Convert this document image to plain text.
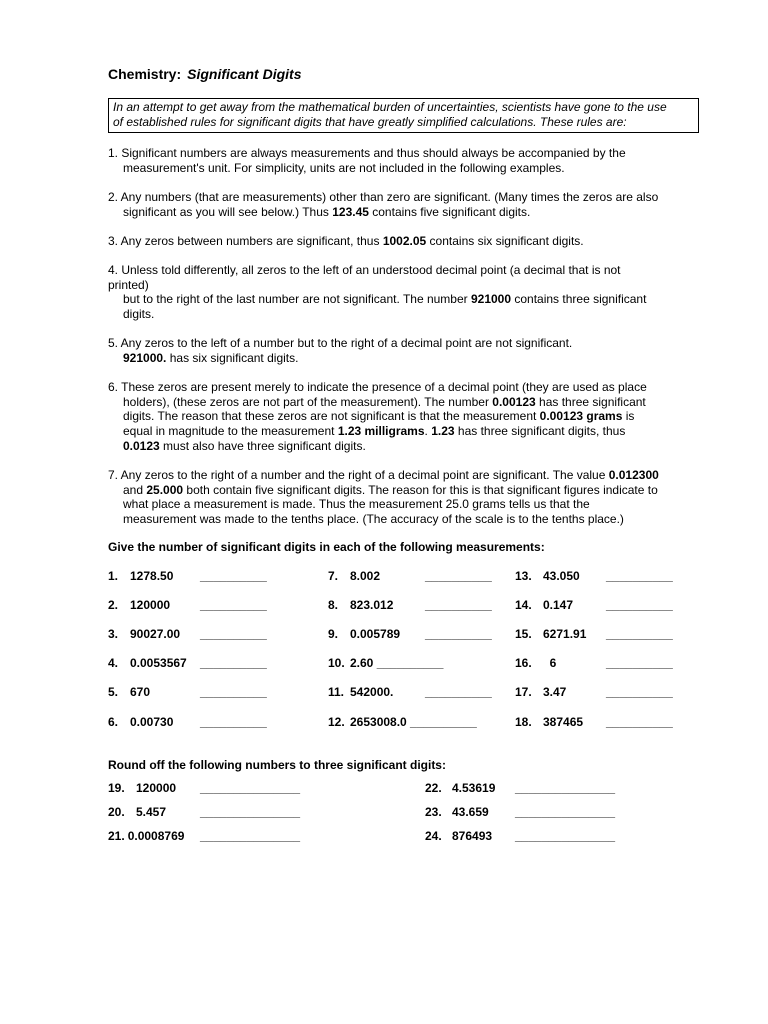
Chemistry: Significant Digits
In an attempt to get away from the mathematical burden of uncertainties, scientists have gone to the use
of established rules for significant digits that have greatly simplified calculations. These rules are:
1. Significant numbers are always measurements and thus should always be accompanied by the
measurement's unit. For simplicity, units are not included in the following examples.
2. Any numbers (that are measurements) other than zero are significant. (Many times the zeros are also
significant as you will see below.) Thus 123.45 contains five significant digits.
3. Any zeros between numbers are significant, thus 1002.05 contains six significant digits.
4. Unless told differently, all zeros to the left of an understood decimal point (a decimal that is not
printed)
but to the right of the last number are not significant. The number 921000 contains three significant
digits.
5. Any zeros to the left of a number but to the right of a decimal point are not significant.
921000. has six significant digits.
6. These zeros are present merely to indicate the presence of a decimal point (they are used as place
holders), (these zeros are not part of the measurement). The number 0.00123 has three significant
digits. The reason that these zeros are not significant is that the measurement 0.00123 grams is
equal in magnitude to the measurement 1.23 milligrams. 1.23 has three significant digits, thus
0.0123 must also have three significant digits.
7. Any zeros to the right of a number and the right of a decimal point are significant. The value 0.012300
and 25.000 both contain five significant digits. The reason for this is that significant figures indicate to
what place a measurement is made. Thus the measurement 25.0 grams tells us that the
measurement was made to the tenths place. (The accuracy of the scale is to the tenths place.)
Give the number of significant digits in each of the following measurements:
1. 1278.50 __________
2. 120000 __________
3. 90027.00 __________
4. 0.0053567 __________
5. 670	__________
6. 0.00730 __________
7. 8.002	__________
8. 823.012	__________
9. 0.005789 __________
10. 2.60 __________
11. 542000.	__________
12. 2653008.0 __________
13. 43.050 __________
14. 0.147	__________
15. 6271.91 __________
16.  6	__________
17. 3.47	__________
18. 387465 __________
Round off the following numbers to three significant digits:
19. 120000 _______________
20. 5.457	_______________
21. 0.0008769 _______________
22. 4.53619 _______________
23. 43.659 _______________
24. 876493 _______________
